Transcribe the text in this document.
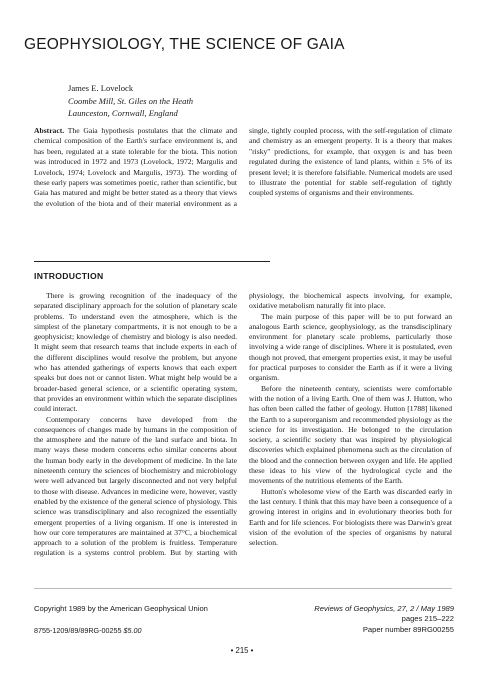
GEOPHYSIOLOGY, THE SCIENCE OF GAIA
James E. Lovelock
Coombe Mill, St. Giles on the Heath
Launceston, Cornwall, England

Abstract. The Gaia hypothesis postulates that the climate and chemical composition of the Earth's surface environment is, and has been, regulated at a state tolerable for the biota. This notion was introduced in 1972 and 1973 (Lovelock, 1972; Margulis and Lovelock, 1974; Lovelock and Margulis, 1973). The wording of these early papers was sometimes poetic, rather than scientific, but Gaia has matured and might be better stated as a theory that views the evolution of the biota and of their material environment as a single, tightly coupled process, with the self-regulation of climate and chemistry as an emergent property. It is a theory that makes "risky" predictions, for example, that oxygen is and has been regulated during the existence of land plants, within ± 5% of its present level; it is therefore falsifiable. Numerical models are used to illustrate the potential for stable self-regulation of tightly coupled systems of organisms and their environments.

INTRODUCTION

There is growing recognition of the inadequacy of the separated disciplinary approach for the solution of planetary scale problems. To understand even the atmosphere, which is the simplest of the planetary compartments, it is not enough to be a geophysicist; knowledge of chemistry and biology is also needed. It might seem that research teams that include experts in each of the different disciplines would resolve the problem, but anyone who has attended gatherings of experts knows that each expert speaks but does not or cannot listen. What might help would be a broader-based general science, or a scientific operating system, that provides an environment within which the separate disciplines could interact.

Contemporary concerns have developed from the consequences of changes made by humans in the composition of the atmosphere and the nature of the land surface and biota. In many ways these modern concerns echo similar concerns about the human body early in the development of medicine. In the late nineteenth century the sciences of biochemistry and microbiology were well advanced but largely disconnected and not very helpful to those with disease. Advances in medicine were, however, vastly enabled by the existence of the general science of physiology. This science was transdisciplinary and also recognized the essentially emergent properties of a living organism. If one is interested in how our core temperatures are maintained at 37°C, a biochemical approach to a solution of the problem is fruitless. Temperature regulation is a systems control problem. But by starting with physiology, the biochemical aspects involving, for example, oxidative metabolism naturally fit into place.

The main purpose of this paper will be to put forward an analogous Earth science, geophysiology, as the transdisciplinary environment for planetary scale problems, particularly those involving a wide range of disciplines. Where it is postulated, even though not proved, that emergent properties exist, it may be useful for practical purposes to consider the Earth as if it were a living organism.

Before the nineteenth century, scientists were comfortable with the notion of a living Earth. One of them was J. Hutton, who has often been called the father of geology. Hutton [1788] likened the Earth to a superorganism and recommended physiology as the science for its investigation. He belonged to the circulation society, a scientific society that was inspired by physiological discoveries which explained phenomena such as the circulation of the blood and the connection between oxygen and life. He applied these ideas to his view of the hydrological cycle and the movements of the nutritious elements of the Earth.

Hutton's wholesome view of the Earth was discarded early in the last century. I think that this may have been a consequence of a growing interest in origins and in evolutionary theories both for Earth and for life sciences. For biologists there was Darwin's great vision of the evolution of the species of organisms by natural selection.

Copyright 1989 by the American Geophysical Union
8755-1209/89/89RG-00255 $5.00
Reviews of Geophysics, 27, 2 / May 1989
pages 215–222
Paper number 89RG00255
• 215 •
